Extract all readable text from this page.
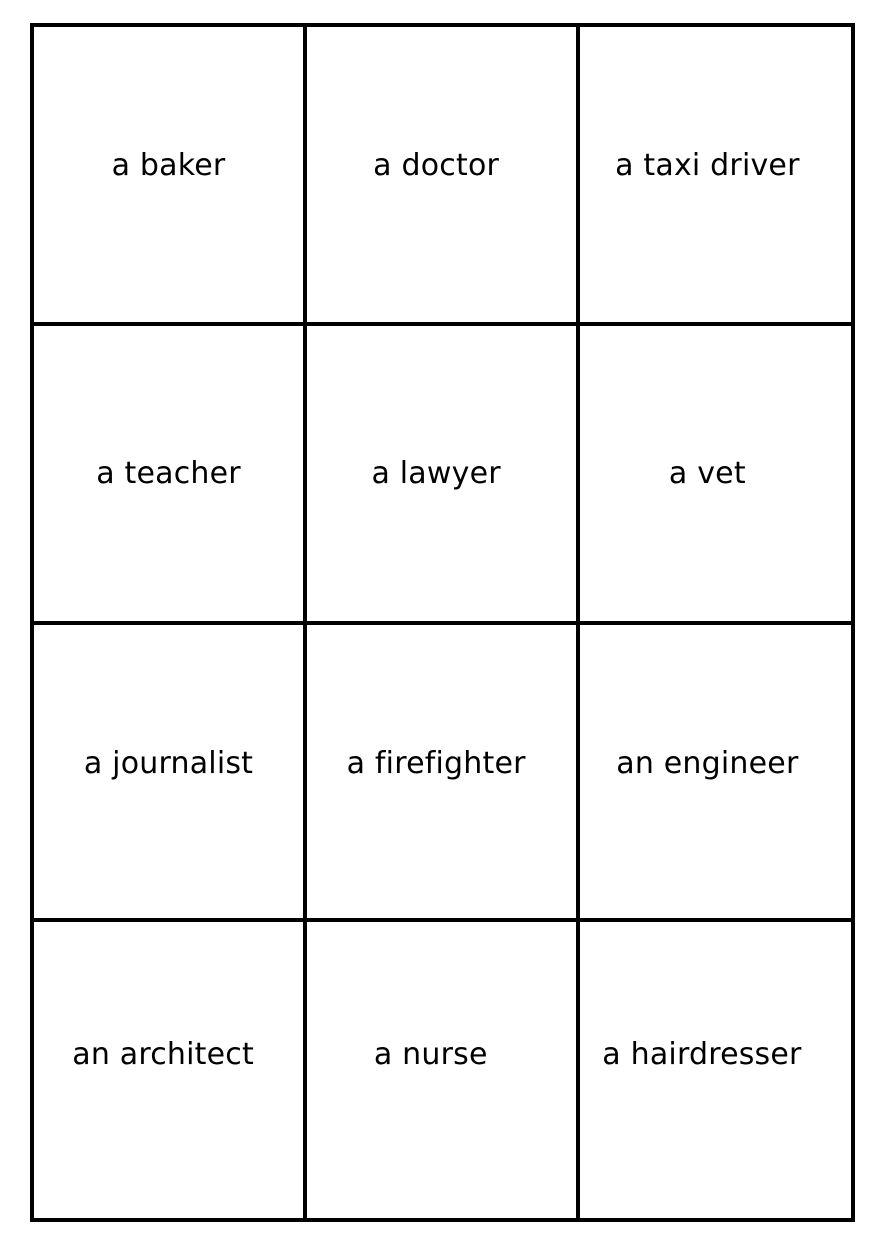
a baker	a doctor	a taxi driver
a teacher	a lawyer	a vet
a journalist	a firefighter	an engineer
an architect	a nurse	a hairdresser
